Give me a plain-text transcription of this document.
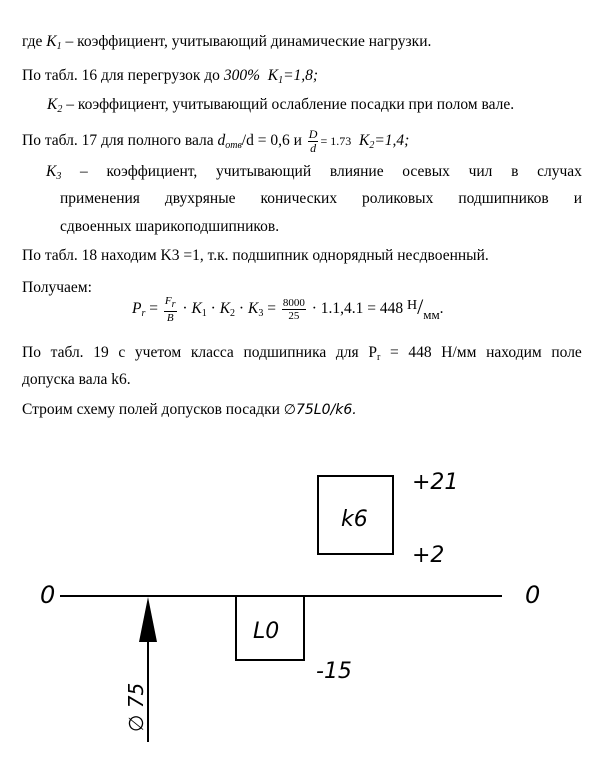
где $K_1$ – коэффициент, учитывающий динамические нагрузки.
По табл. 16 для перегрузок до 300% $K_1=1,8$;
$K_2$ – коэффициент, учитывающий ослабление посадки при полом вале.
По табл. 17 для полного вала $d_{отв}/d = 0,6$ и $\frac{D}{d} = 1.73$ $K_2=1,4$;
$K_3$ – коэффициент, учитывающий влияние осевых чил в случах
применения двухряные конических роликовых подшипников и
сдвоенных шарикоподшипников.
По табл. 18 находим K3 =1, т.к. подшипник однорядный несдвоенный.
Получаем:
$P_r = \frac{F_r}{B} \cdot K_1 \cdot K_2 \cdot K_3 = \frac{8000}{25} \cdot 1.1,4.1 = 448$ $Н/_{мм}$.
По табл. 19 с учетом класса подшипника для $P_r = 448$ Н/мм находим поле
допуска вала k6.
Строим схему полей допусков посадки ∅75L0/k6.
0	0
k6
+21
+2
L0
-15
∅ 75
